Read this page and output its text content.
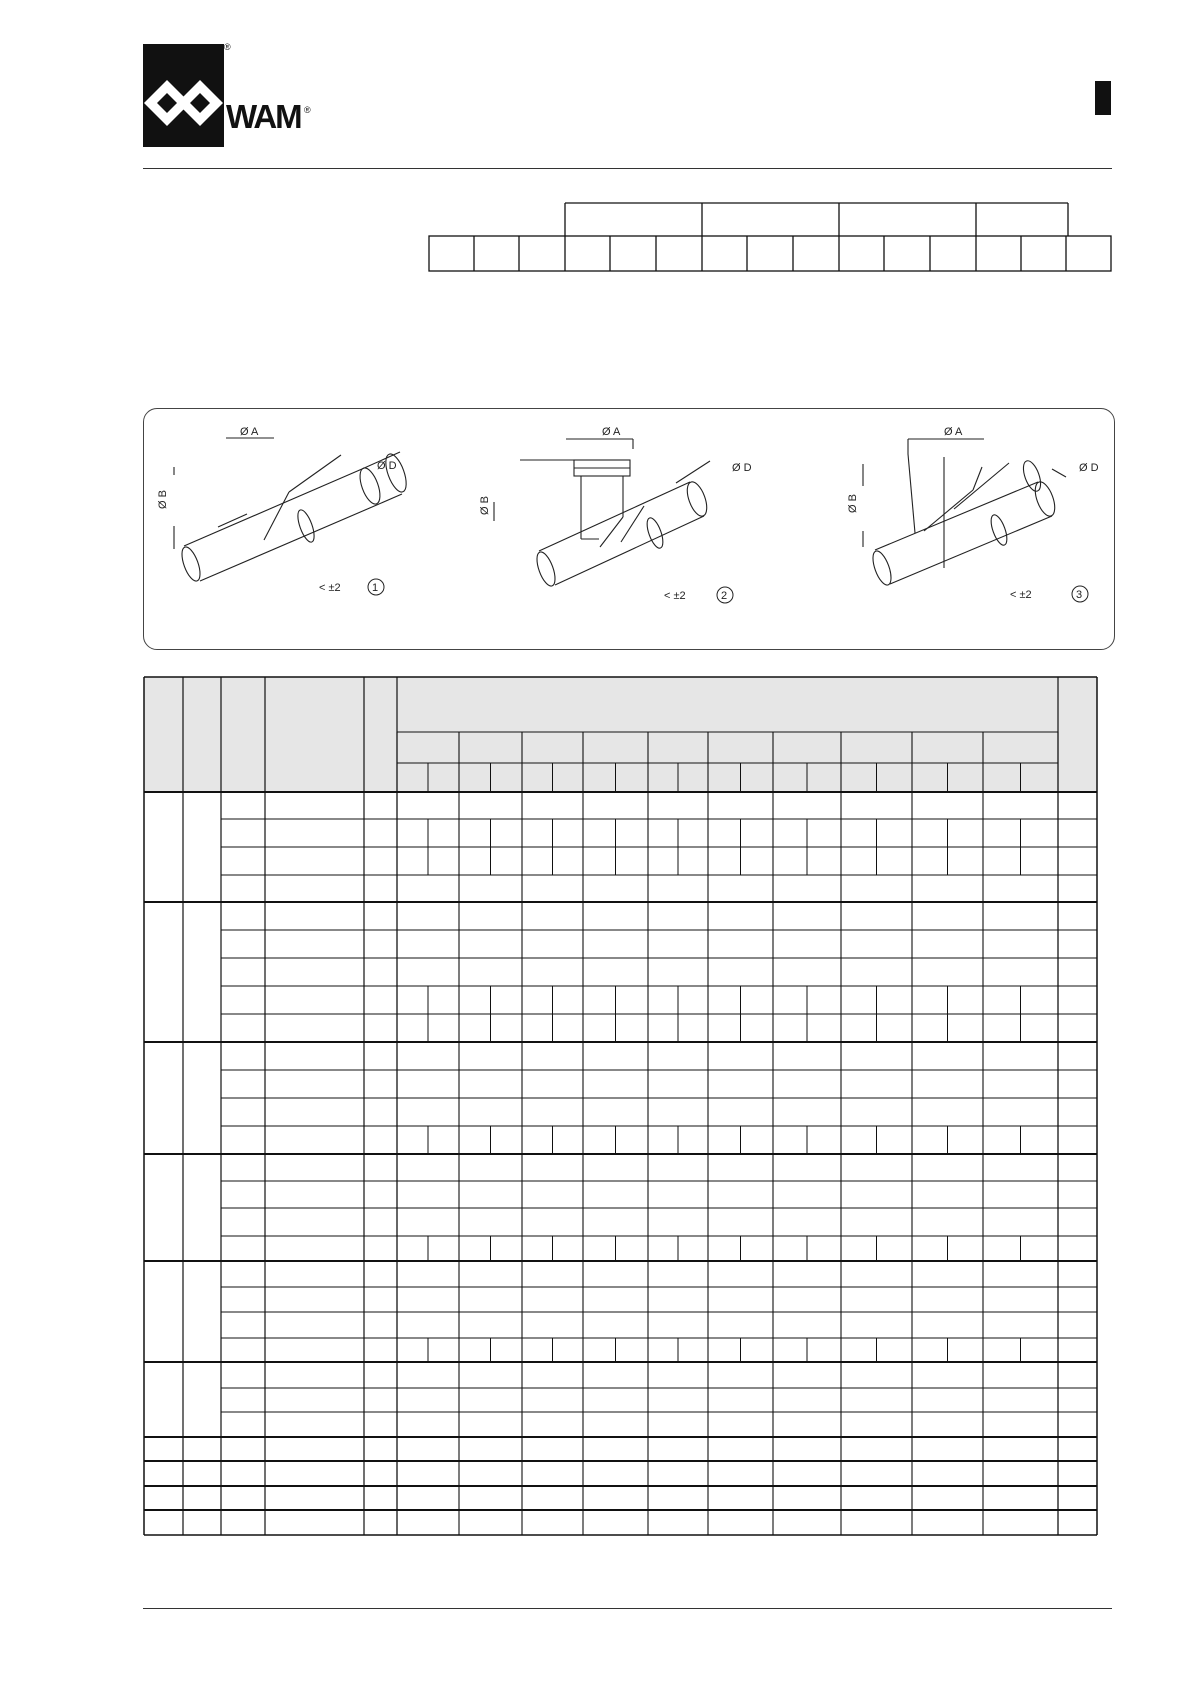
WAM
®
®
Ø A
Ø B
Ø D
< ±2	1
Ø A
Ø B
Ø D
< ±2	2
Ø A
Ø B
Ø D
< ±2	3
